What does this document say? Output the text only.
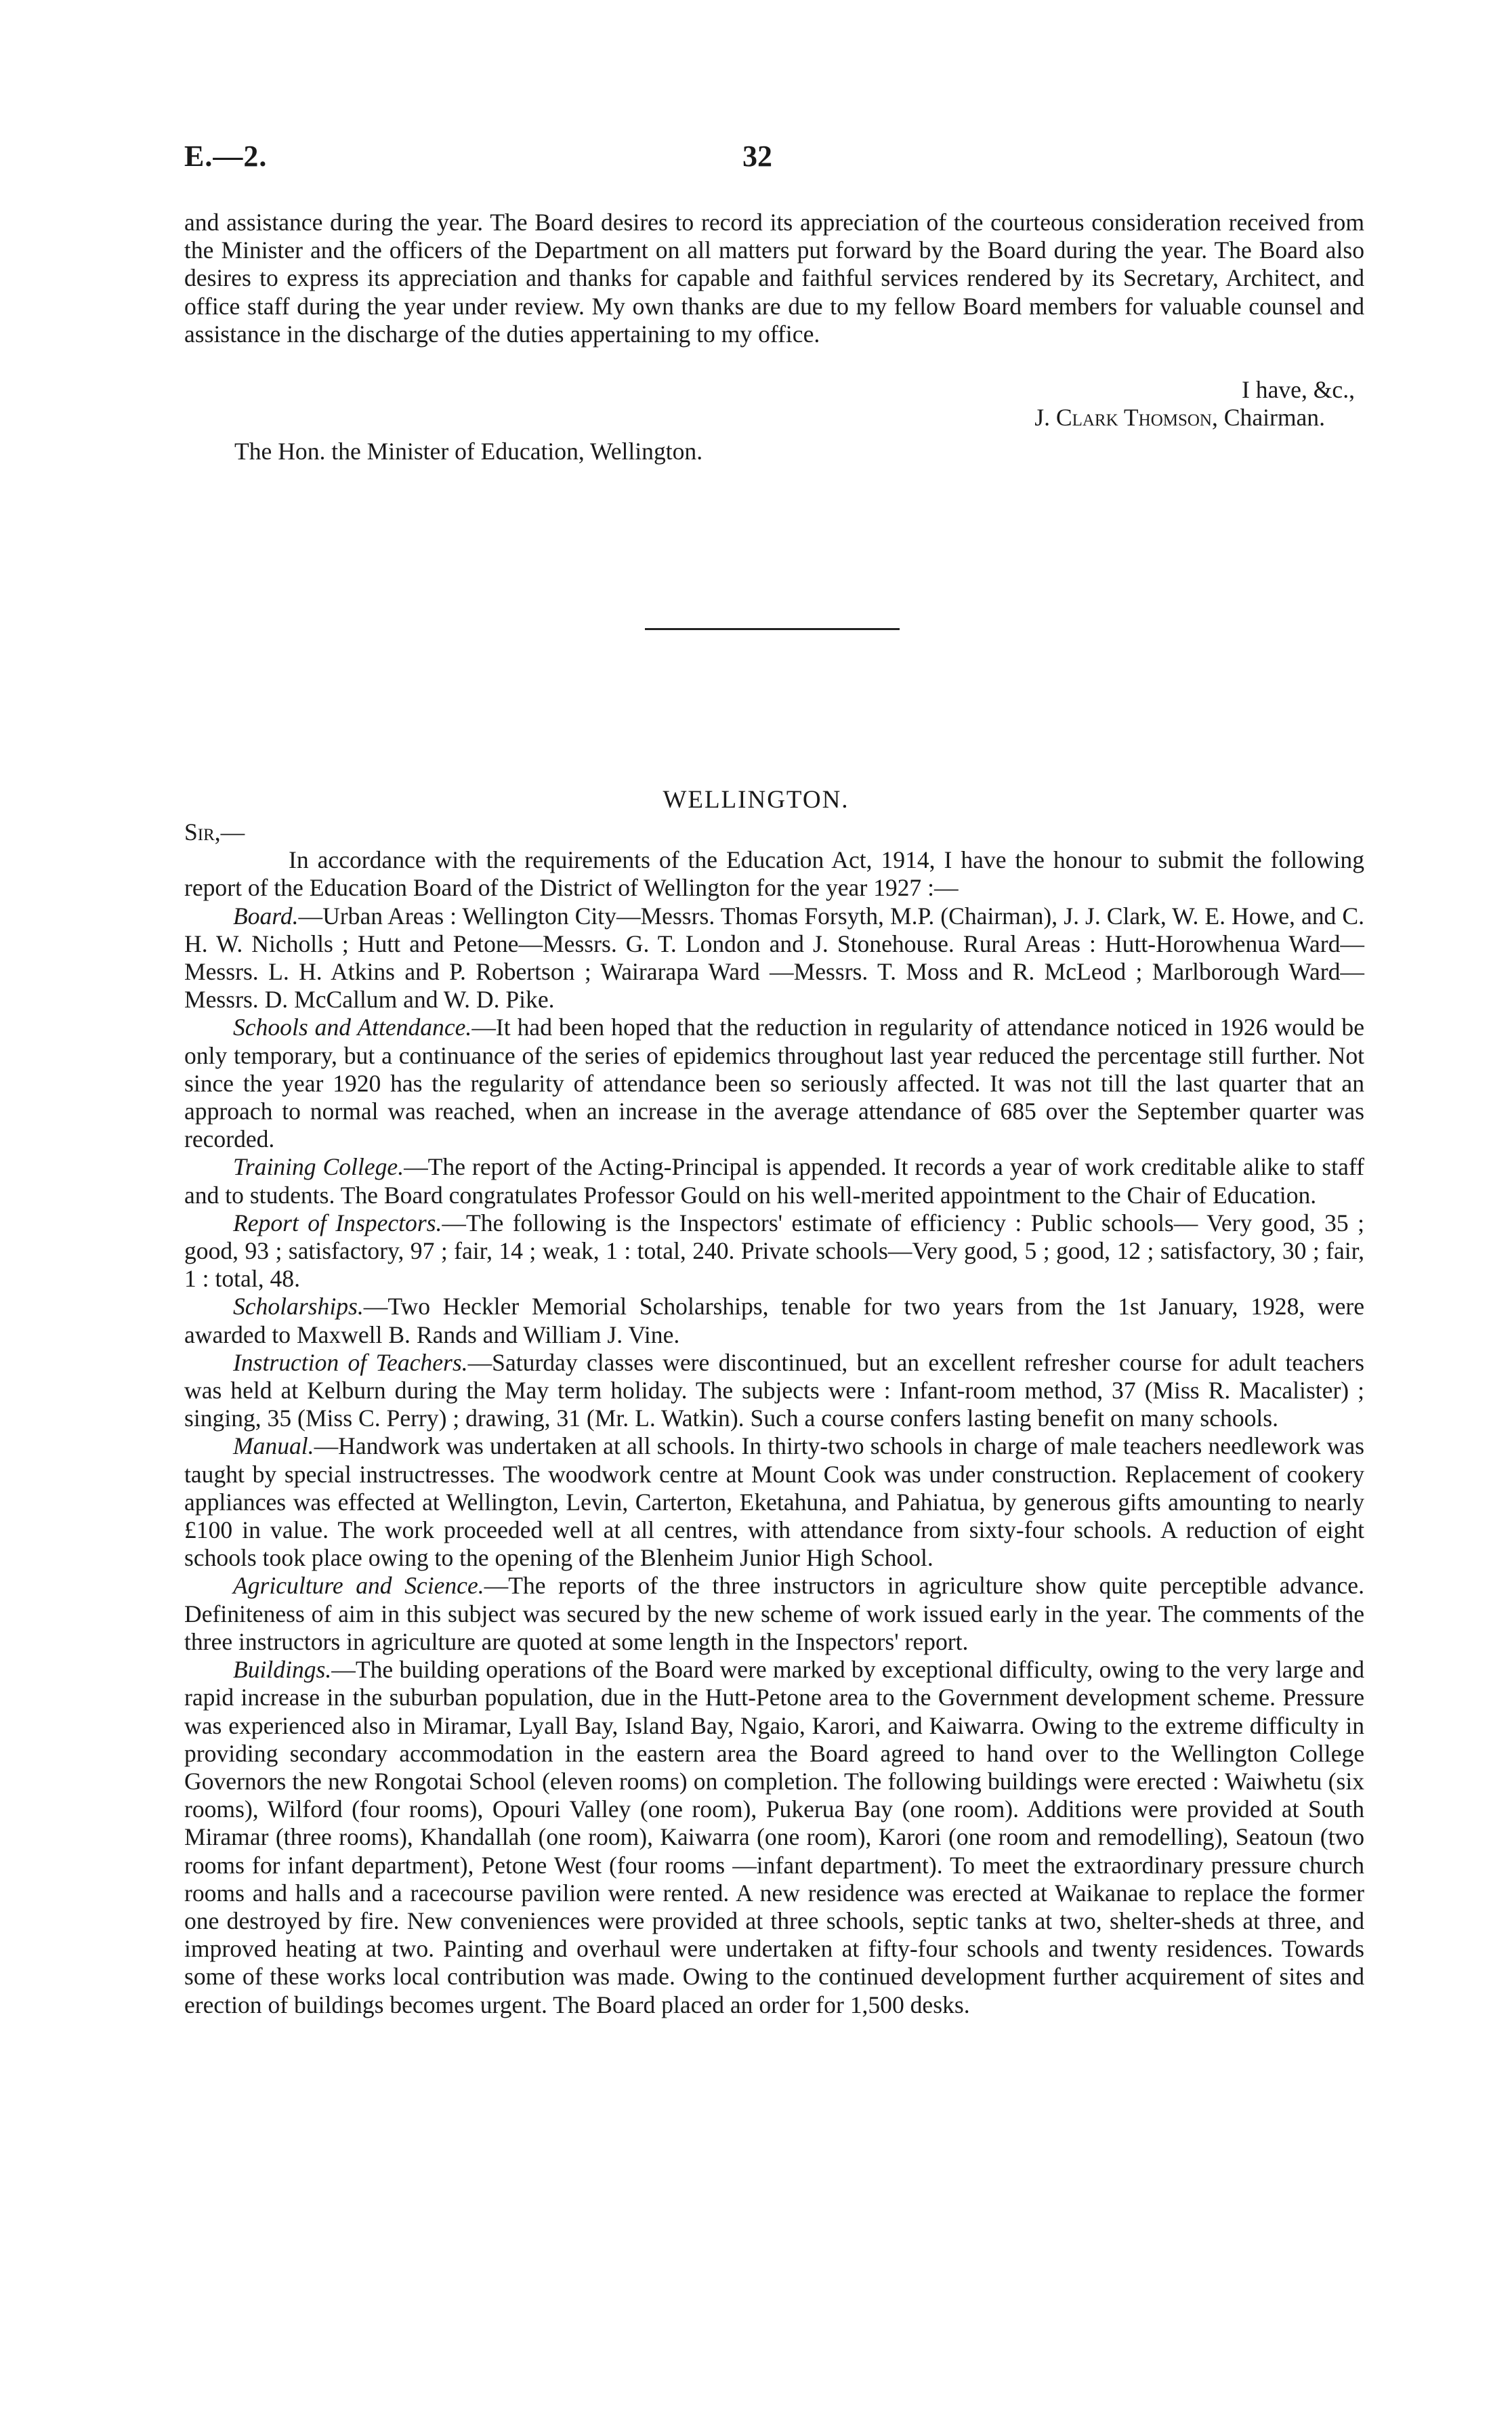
E.—2.	32

and assistance during the year. The Board desires to record its appreciation of the courteous consideration received from the Minister and the officers of the Department on all matters put forward by the Board during the year. The Board also desires to express its appreciation and thanks for capable and faithful services rendered by its Secretary, Architect, and office staff during the year under review. My own thanks are due to my fellow Board members for valuable counsel and assistance in the discharge of the duties appertaining to my office.

I have, &c.,
J. Clark Thomson, Chairman.
The Hon. the Minister of Education, Wellington.
WELLINGTON.

Sir,—

In accordance with the requirements of the Education Act, 1914, I have the honour to submit the following report of the Education Board of the District of Wellington for the year 1927 :—

Board.—Urban Areas : Wellington City—Messrs. Thomas Forsyth, M.P. (Chairman), J. J. Clark, W. E. Howe, and C. H. W. Nicholls ; Hutt and Petone—Messrs. G. T. London and J. Stonehouse. Rural Areas : Hutt-Horowhenua Ward—Messrs. L. H. Atkins and P. Robertson ; Wairarapa Ward —Messrs. T. Moss and R. McLeod ; Marlborough Ward—Messrs. D. McCallum and W. D. Pike.

Schools and Attendance.—It had been hoped that the reduction in regularity of attendance noticed in 1926 would be only temporary, but a continuance of the series of epidemics throughout last year reduced the percentage still further. Not since the year 1920 has the regularity of attendance been so seriously affected. It was not till the last quarter that an approach to normal was reached, when an increase in the average attendance of 685 over the September quarter was recorded.

Training College.—The report of the Acting-Principal is appended. It records a year of work creditable alike to staff and to students. The Board congratulates Professor Gould on his well-merited appointment to the Chair of Education.

Report of Inspectors.—The following is the Inspectors' estimate of efficiency : Public schools— Very good, 35 ; good, 93 ; satisfactory, 97 ; fair, 14 ; weak, 1 : total, 240. Private schools—Very good, 5 ; good, 12 ; satisfactory, 30 ; fair, 1 : total, 48.

Scholarships.—Two Heckler Memorial Scholarships, tenable for two years from the 1st January, 1928, were awarded to Maxwell B. Rands and William J. Vine.

Instruction of Teachers.—Saturday classes were discontinued, but an excellent refresher course for adult teachers was held at Kelburn during the May term holiday. The subjects were : Infant-room method, 37 (Miss R. Macalister) ; singing, 35 (Miss C. Perry) ; drawing, 31 (Mr. L. Watkin). Such a course confers lasting benefit on many schools.

Manual.—Handwork was undertaken at all schools. In thirty-two schools in charge of male teachers needlework was taught by special instructresses. The woodwork centre at Mount Cook was under construction. Replacement of cookery appliances was effected at Wellington, Levin, Carterton, Eketahuna, and Pahiatua, by generous gifts amounting to nearly £100 in value. The work proceeded well at all centres, with attendance from sixty-four schools. A reduction of eight schools took place owing to the opening of the Blenheim Junior High School.

Agriculture and Science.—The reports of the three instructors in agriculture show quite perceptible advance. Definiteness of aim in this subject was secured by the new scheme of work issued early in the year. The comments of the three instructors in agriculture are quoted at some length in the Inspectors' report.

Buildings.—The building operations of the Board were marked by exceptional difficulty, owing to the very large and rapid increase in the suburban population, due in the Hutt-Petone area to the Government development scheme. Pressure was experienced also in Miramar, Lyall Bay, Island Bay, Ngaio, Karori, and Kaiwarra. Owing to the extreme difficulty in providing secondary accommodation in the eastern area the Board agreed to hand over to the Wellington College Governors the new Rongotai School (eleven rooms) on completion. The following buildings were erected : Waiwhetu (six rooms), Wilford (four rooms), Opouri Valley (one room), Pukerua Bay (one room). Additions were provided at South Miramar (three rooms), Khandallah (one room), Kaiwarra (one room), Karori (one room and remodelling), Seatoun (two rooms for infant department), Petone West (four rooms —infant department). To meet the extraordinary pressure church rooms and halls and a racecourse pavilion were rented. A new residence was erected at Waikanae to replace the former one destroyed by fire. New conveniences were provided at three schools, septic tanks at two, shelter-sheds at three, and improved heating at two. Painting and overhaul were undertaken at fifty-four schools and twenty residences. Towards some of these works local contribution was made. Owing to the continued development further acquirement of sites and erection of buildings becomes urgent. The Board placed an order for 1,500 desks.
